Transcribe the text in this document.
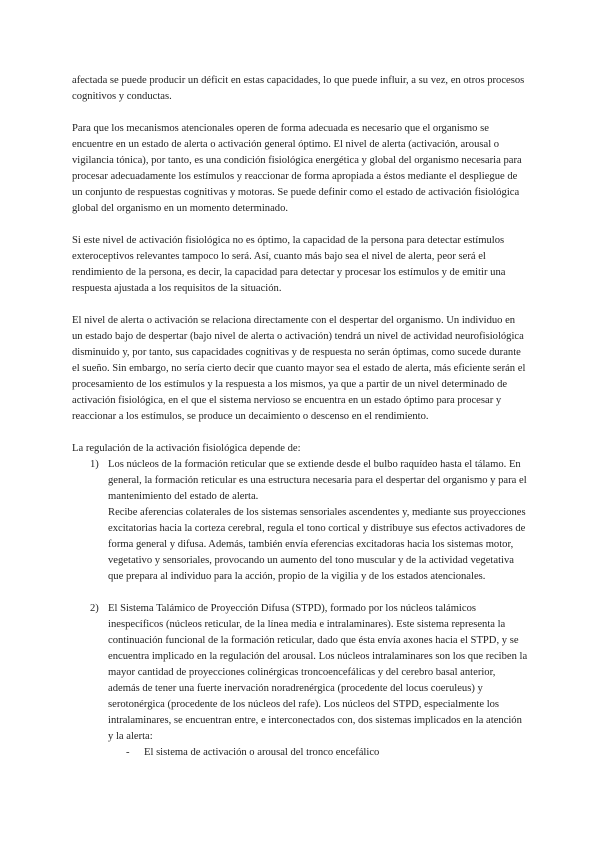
afectada se puede producir un déficit en estas capacidades, lo que puede influir, a su vez, en otros procesos cognitivos y conductas.

Para que los mecanismos atencionales operen de forma adecuada es necesario que el organismo se encuentre en un estado de alerta o activación general óptimo. El nivel de alerta (activación, arousal o vigilancia tónica), por tanto, es una condición fisiológica energética y global del organismo necesaria para procesar adecuadamente los estímulos y reaccionar de forma apropiada a éstos mediante el despliegue de un conjunto de respuestas cognitivas y motoras. Se puede definir como el estado de activación fisiológica global del organismo en un momento determinado.

Si este nivel de activación fisiológica no es óptimo, la capacidad de la persona para detectar estímulos exteroceptivos relevantes tampoco lo será. Así, cuanto más bajo sea el nivel de alerta, peor será el rendimiento de la persona, es decir, la capacidad para detectar y procesar los estímulos y de emitir una respuesta ajustada a los requisitos de la situación.

El nivel de alerta o activación se relaciona directamente con el despertar del organismo. Un individuo en un estado bajo de despertar (bajo nivel de alerta o activación) tendrá un nivel de actividad neurofisiológica disminuido y, por tanto, sus capacidades cognitivas y de respuesta no serán óptimas, como sucede durante el sueño. Sin embargo, no sería cierto decir que cuanto mayor sea el estado de alerta, más eficiente serán el procesamiento de los estímulos y la respuesta a los mismos, ya que a partir de un nivel determinado de activación fisiológica, en el que el sistema nervioso se encuentra en un estado óptimo para procesar y reaccionar a los estímulos, se produce un decaimiento o descenso en el rendimiento.

La regulación de la activación fisiológica depende de:

1) Los núcleos de la formación reticular que se extiende desde el bulbo raquídeo hasta el tálamo. En general, la formación reticular es una estructura necesaria para el despertar del organismo y para el mantenimiento del estado de alerta.

Recibe aferencias colaterales de los sistemas sensoriales ascendentes y, mediante sus proyecciones excitatorias hacia la corteza cerebral, regula el tono cortical y distribuye sus efectos activadores de forma general y difusa. Además, también envía eferencias excitadoras hacia los sistemas motor, vegetativo y sensoriales, provocando un aumento del tono muscular y de la actividad vegetativa que prepara al individuo para la acción, propio de la vigilia y de los estados atencionales.

2) El Sistema Talámico de Proyección Difusa (STPD), formado por los núcleos talámicos inespecíficos (núcleos reticular, de la línea media e intralaminares). Este sistema representa la continuación funcional de la formación reticular, dado que ésta envía axones hacia el STPD, y se encuentra implicado en la regulación del arousal. Los núcleos intralaminares son los que reciben la mayor cantidad de proyecciones colinérgicas troncoencefálicas y del cerebro basal anterior, además de tener una fuerte inervación noradrenérgica (procedente del locus coeruleus) y serotonérgica (procedente de los núcleos del rafe). Los núcleos del STPD, especialmente los intralaminares, se encuentran entre, e interconectados con, dos sistemas implicados en la atención y la alerta:

- El sistema de activación o arousal del tronco encefálico
